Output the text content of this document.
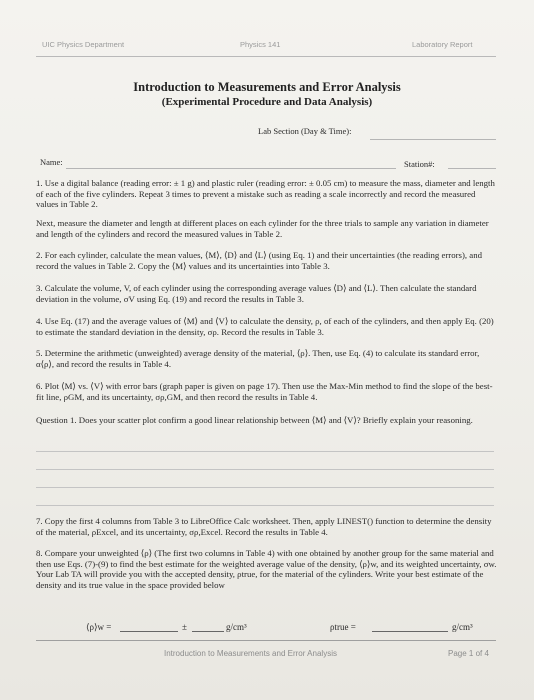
UIC Physics Department	Physics 141	Laboratory Report
Introduction to Measurements and Error Analysis
(Experimental Procedure and Data Analysis)
Lab Section (Day & Time):
Name:	Station#:

1. Use a digital balance (reading error: ± 1 g) and plastic ruler (reading error: ± 0.05 cm) to measure the mass, diameter and length of each of the five cylinders. Repeat 3 times to prevent a mistake such as reading a scale incorrectly and record the measured values in Table 2.

Next, measure the diameter and length at different places on each cylinder for the three trials to sample any variation in diameter and length of the cylinders and record the measured values in Table 2.

2. For each cylinder, calculate the mean values, ⟨M⟩, ⟨D⟩ and ⟨L⟩ (using Eq. 1) and their uncertainties (the reading errors), and record the values in Table 2. Copy the ⟨M⟩ values and its uncertainties into Table 3.

3. Calculate the volume, V, of each cylinder using the corresponding average values ⟨D⟩ and ⟨L⟩. Then calculate the standard deviation in the volume, σV using Eq. (19) and record the results in Table 3.

4. Use Eq. (17) and the average values of ⟨M⟩ and ⟨V⟩ to calculate the density, ρ, of each of the cylinders, and then apply Eq. (20) to estimate the standard deviation in the density, σρ. Record the results in Table 3.

5. Determine the arithmetic (unweighted) average density of the material, ⟨ρ⟩. Then, use Eq. (4) to calculate its standard error, α⟨ρ⟩, and record the results in Table 4.

6. Plot ⟨M⟩ vs. ⟨V⟩ with error bars (graph paper is given on page 17). Then use the Max-Min method to find the slope of the best-fit line, ρGM, and its uncertainty, σρ,GM, and then record the results in Table 4.

Question 1. Does your scatter plot confirm a good linear relationship between ⟨M⟩ and ⟨V⟩? Briefly explain your reasoning.

7. Copy the first 4 columns from Table 3 to LibreOffice Calc worksheet. Then, apply LINEST() function to determine the density of the material, ρExcel, and its uncertainty, σρ,Excel. Record the results in Table 4.

8. Compare your unweighted ⟨ρ⟩ (The first two columns in Table 4) with one obtained by another group for the same material and then use Eqs. (7)-(9) to find the best estimate for the weighted average value of the density, ⟨ρ⟩w, and its weighted uncertainty, σw. Your Lab TA will provide you with the accepted density, ρtrue, for the material of the cylinders. Write your best estimate of the density and its true value in the space provided below

⟨ρ⟩w =	±	g/cm³	ρtrue =	g/cm³
Introduction to Measurements and Error Analysis	Page 1 of 4
